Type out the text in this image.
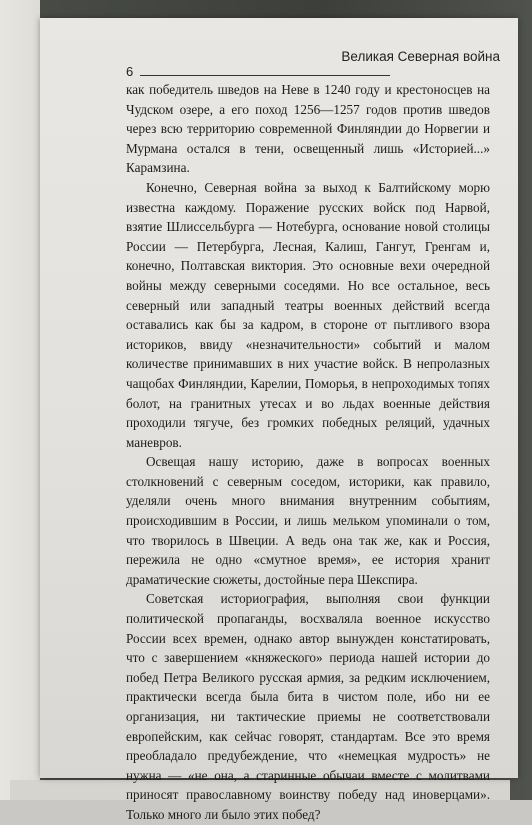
6
Великая Северная война

как победитель шведов на Неве в 1240 году и крестоносцев на Чудском озере, а его поход 1256—1257 годов против шведов через всю территорию современной Финляндии до Норвегии и Мурмана остался в тени, освещенный лишь «Историей...» Карамзина.

Конечно, Северная война за выход к Балтийскому морю известна каждому. Поражение русских войск под Нарвой, взятие Шлиссельбурга — Нотебурга, основание новой столицы России — Петербурга, Лесная, Калиш, Гангут, Гренгам и, конечно, Полтавская виктория. Это основные вехи очередной войны между северными соседями. Но все остальное, весь северный или западный театры военных действий всегда оставались как бы за кадром, в стороне от пытливого взора историков, ввиду «незначительности» событий и малом количестве принимавших в них участие войск. В непролазных чащобах Финляндии, Карелии, Поморья, в непроходимых топях болот, на гранитных утесах и во льдах военные действия проходили тягуче, без громких победных реляций, удачных маневров.

Освещая нашу историю, даже в вопросах военных столкновений с северным соседом, историки, как правило, уделяли очень много внимания внутренним событиям, происходившим в России, и лишь мельком упоминали о том, что творилось в Швеции. А ведь она так же, как и Россия, пережила не одно «смутное время», ее история хранит драматические сюжеты, достойные пера Шекспира.

Советская историография, выполняя свои функции политической пропаганды, восхваляла военное искусство России всех времен, однако автор вынужден констатировать, что с завершением «княжеского» периода нашей истории до побед Петра Великого русская армия, за редким исключением, практически всегда была бита в чистом поле, ибо ни ее организация, ни тактические приемы не соответствовали европейским, как сейчас говорят, стандартам. Все это время преобладало предубеждение, что «немецкая мудрость» не нужна — «не она, а старинные обычаи вместе с молитвами приносят православному воинству победу над иноверцами». Только много ли было этих побед?
